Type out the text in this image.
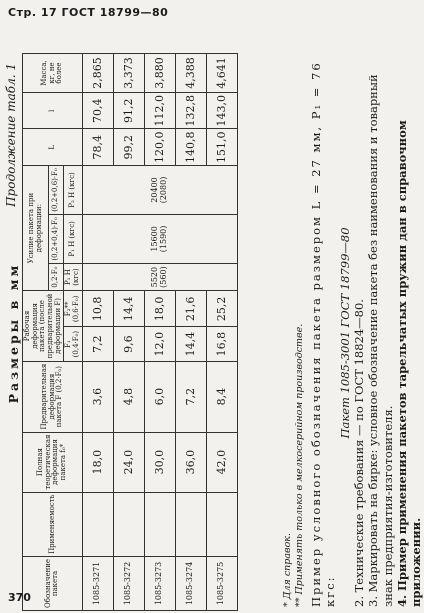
Стр. 17 ГОСТ 18799—80
Продолжение табл. 1
Размеры в мм
Обозначение пакета	Применяемость	Полная теоретическая деформация пакета f₀*	Предварительная деформация пакета F (0,2·F₀)	Рабочая деформация пакета (после предварительной деформации F)		Усилие пакета при деформации:			L	l	Масса, кг, не более
						0,2·F₀	(0,2+0,4)·F₀	(0,2+0,6)·F₀			
				F₁ (0,4·F₀)	F₂** (0,6·F₀)	P₁ Н (кгс)	P₁ Н (кгс)	P₂ Н (кгс)			
1085-3271		18,0	3,6	7,2	10,8	5520 (560)	15600 (1590)	20400 (2080)	78,4	70,4	2,865
1085-3272		24,0	4,8	9,6	14,4				99,2	91,2	3,373
1085-3273		30,0	6,0	12,0	18,0				120,0	112,0	3,880
1085-3274		36,0	7,2	14,4	21,6				140,8	132,8	4,388
1085-3275		42,0	8,4	16,8	25,2				151,0	143,0	4,641
* Для справок. ** Применять только в мелкосерийном производстве. Пример условного обозначения пакета размером L = 27 мм, P₁ = 76 кгс:
Пакет 1085-3001 ГОСТ 18799—80 2. Технические требования — по ГОСТ 18824—80. 3. Маркировать на бирке: условное обозначение пакета без наименования и товарный знак предприятия-изготовителя. 4. Пример применения пакетов тарельчатых пружин дан в справочном приложении.
370
